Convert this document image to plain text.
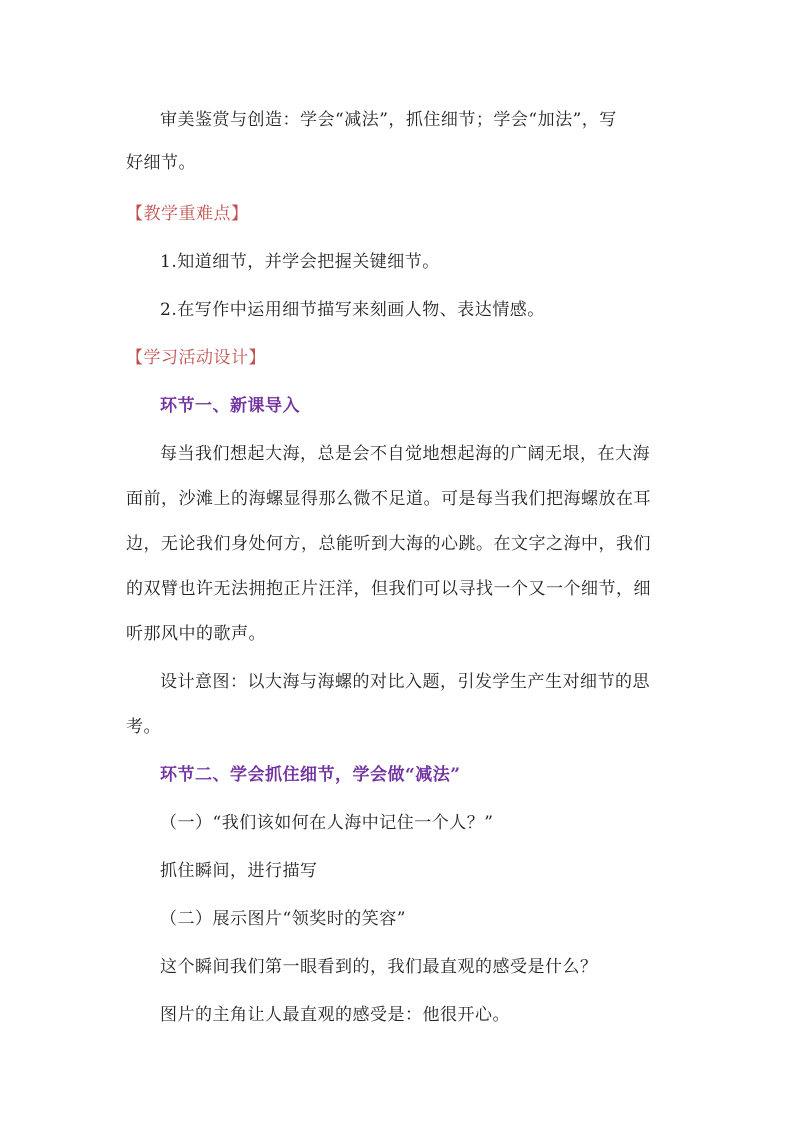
审美鉴赏与创造：学会“减法”，抓住细节；学会“加法”，写
好细节。
【教学重难点】
1.知道细节，并学会把握关键细节。
2.在写作中运用细节描写来刻画人物、表达情感。
【学习活动设计】
环节一、新课导入
每当我们想起大海，总是会不自觉地想起海的广阔无垠，在大海
面前，沙滩上的海螺显得那么微不足道。可是每当我们把海螺放在耳
边，无论我们身处何方，总能听到大海的心跳。在文字之海中，我们
的双臂也许无法拥抱正片汪洋，但我们可以寻找一个又一个细节，细
听那风中的歌声。
设计意图：以大海与海螺的对比入题，引发学生产生对细节的思
考。
环节二、学会抓住细节，学会做“减法”
（一）“我们该如何在人海中记住一个人？”
抓住瞬间，进行描写
（二）展示图片“领奖时的笑容”
这个瞬间我们第一眼看到的，我们最直观的感受是什么？
图片的主角让人最直观的感受是：他很开心。
